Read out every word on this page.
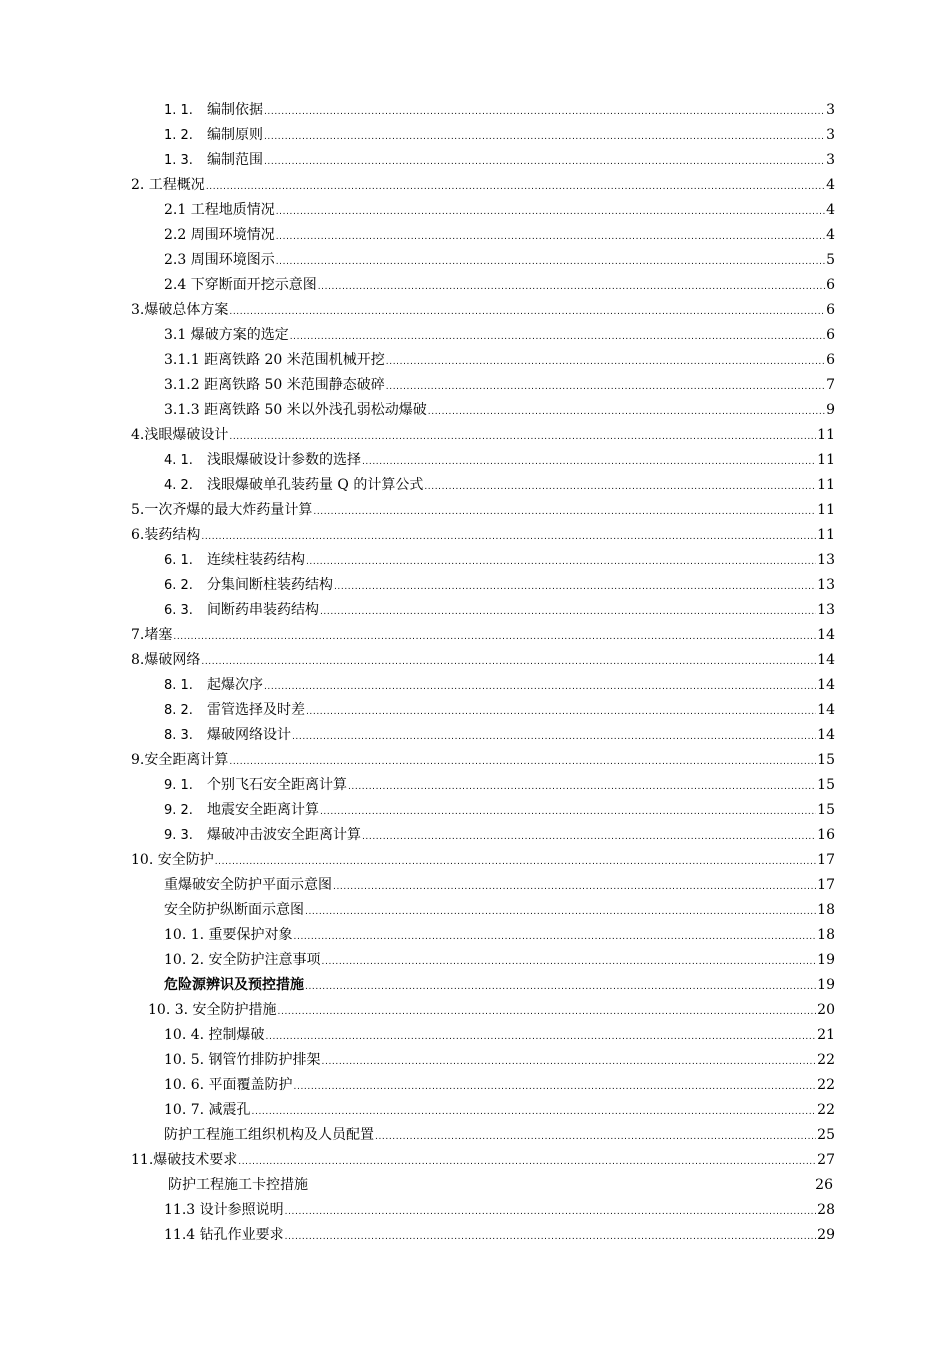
1. 1. 编制依据 .....	3
1. 2. 编制原则 .....	3
1. 3. 编制范围 .....	3
2. 工程概况 .....	4
2.1 工程地质情况 .....	4
2.2 周围环境情况 .....	4
2.3 周围环境图示 .....	5
2.4 下穿断面开挖示意图 .....	6
3.爆破总体方案 .....	6
3.1 爆破方案的选定 .....	6
3.1.1 距离铁路 20 米范围机械开挖 .....	6
3.1.2 距离铁路 50 米范围静态破碎 .....	7
3.1.3 距离铁路 50 米以外浅孔弱松动爆破 .....	9
4.浅眼爆破设计 .....	11
4. 1. 浅眼爆破设计参数的选择 .....	11
4. 2. 浅眼爆破单孔装药量 Q 的计算公式 .....	11
5.一次齐爆的最大炸药量计算 .....	11
6.装药结构 .....	11
6. 1. 连续柱装药结构 .....	13
6. 2. 分集间断柱装药结构 .....	13
6. 3. 间断药串装药结构 .....	13
7.堵塞 .....	14
8.爆破网络 .....	14
8. 1. 起爆次序 .....	14
8. 2. 雷管选择及时差 .....	14
8. 3. 爆破网络设计 .....	14
9.安全距离计算 .....	15
9. 1. 个别飞石安全距离计算 .....	15
9. 2. 地震安全距离计算 .....	15
9. 3. 爆破冲击波安全距离计算 .....	16
10. 安全防护 .....	17
重爆破安全防护平面示意图 .....	17
安全防护纵断面示意图 .....	18
10. 1. 重要保护对象 .....	18
10. 2. 安全防护注意事项 .....	19
危险源辨识及预控措施 .....	19
10. 3. 安全防护措施 .....	20
10. 4. 控制爆破 .....	21
10. 5. 钢管竹排防护排架 .....	22
10. 6. 平面覆盖防护 .....	22
10. 7. 减震孔 .....	22
防护工程施工组织机构及人员配置 .....	25
11.爆破技术要求 .....	27
防护工程施工卡控措施	26
11.3 设计参照说明 .....	28
11.4 钻孔作业要求 .....	29
